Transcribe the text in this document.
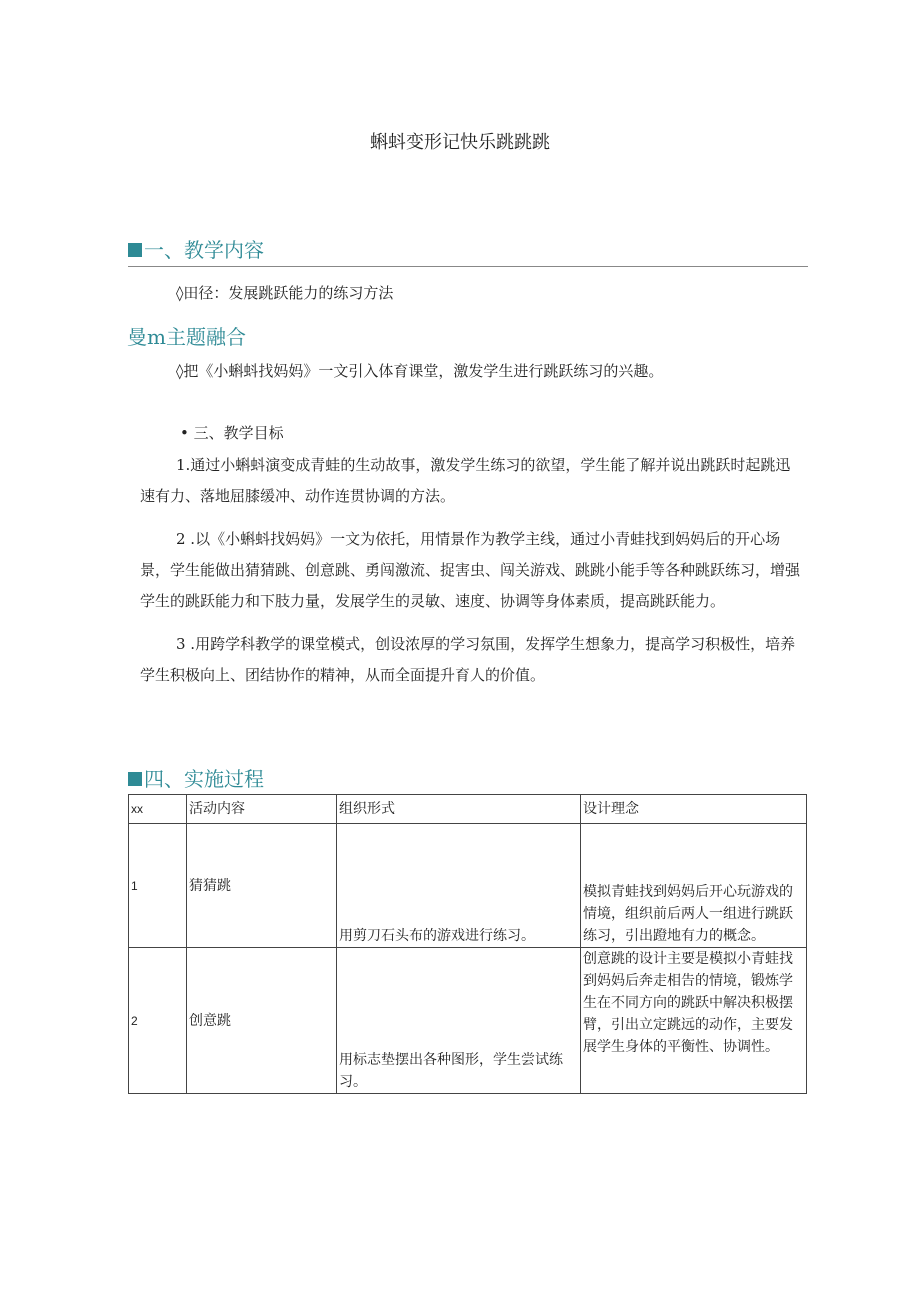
蝌蚪变形记快乐跳跳跳
一、教学内容
◊田径：发展跳跃能力的练习方法
曼m主题融合
◊把《小蝌蚪找妈妈》一文引入体育课堂，激发学生进行跳跃练习的兴趣。
• 三、教学目标

1.通过小蝌蚪演变成青蛙的生动故事，激发学生练习的欲望，学生能了解并说出跳跃时起跳迅速有力、落地屈膝缓冲、动作连贯协调的方法。

2 .以《小蝌蚪找妈妈》一文为依托，用情景作为教学主线，通过小青蛙找到妈妈后的开心场景，学生能做出猜猜跳、创意跳、勇闯激流、捉害虫、闯关游戏、跳跳小能手等各种跳跃练习，增强学生的跳跃能力和下肢力量，发展学生的灵敏、速度、协调等身体素质，提高跳跃能力。

3 .用跨学科教学的课堂模式，创设浓厚的学习氛围，发挥学生想象力，提高学习积极性，培养学生积极向上、团结协作的精神，从而全面提升育人的价值。

四、实施过程
xx	活动内容	组织形式	设计理念
1	猜猜跳	用剪刀石头布的游戏进行练习。	模拟青蛙找到妈妈后开心玩游戏的情境，组织前后两人一组进行跳跃练习，引出蹬地有力的概念。
2	创意跳	用标志垫摆出各种图形，学生尝试练习。	创意跳的设计主要是模拟小青蛙找到妈妈后奔走相告的情境，锻炼学生在不同方向的跳跃中解决积极摆臂，引出立定跳远的动作，主要发展学生身体的平衡性、协调性。
